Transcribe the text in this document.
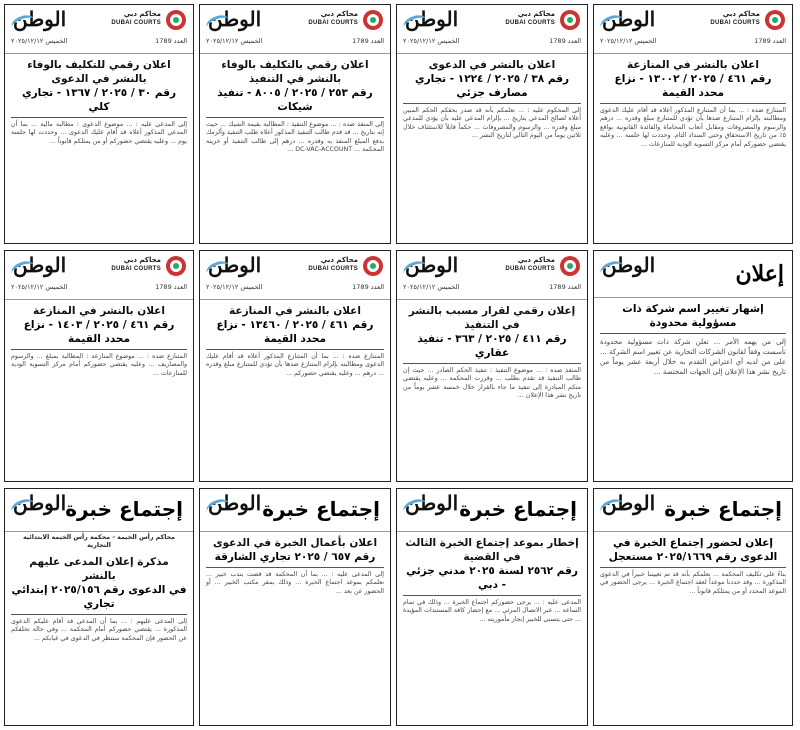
محاكم دبي
DUBAI COURTS
الوطن
الخميس ٢٠٢٥/١٢/١٢	العدد 1789
اعلان بالنشر في المنازعة
رقم ٤٦١ / ٢٠٢٥ / ١٣٠٠٢ - نزاع محدد القيمة
المتنازع ضده : ... بما أن المتنازع المذكور أعلاه قد أقام عليك الدعوى ومطالبته بإلزام المتنازع ضدها بأن تؤدي للمتنازع مبلغ وقدره ... درهم والرسوم والمصروفات ومقابل أتعاب المحاماة والفائدة القانونية بواقع ٥٪ من تاريخ الاستحقاق وحتى السداد التام. وحددت لها جلسة ... وعليه يقتضي حضوركم أمام مركز التسوية الودية للمنازعات ...
محاكم دبي
DUBAI COURTS
الوطن
الخميس ٢٠٢٥/١٢/١٢	العدد 1789
اعلان بالنشر في الدعوى
رقم ٣٨ / ٢٠٢٥ / ١٢٢٤ - تجاري مصارف جزئي
إلى المحكوم عليه : ... نعلمكم بأنه قد صدر بحقكم الحكم المبين أعلاه لصالح المدعي بتاريخ ... بإلزام المدعى عليه بأن يؤدي للمدعي مبلغ وقدره ... والرسوم والمصروفات ... حكماً قابلاً للاستئناف خلال ثلاثين يوماً من اليوم التالي لتاريخ النشر ...
محاكم دبي
DUBAI COURTS
الوطن
الخميس ٢٠٢٥/١٢/١٢	العدد 1789
اعلان رقمي بالتكليف بالوفاء بالنشر في التنفيذ
رقم ٢٥٣ / ٢٠٢٥ / ٨٠٠٥ - تنفيذ شيكات
إلى المنفذ ضده : ... موضوع التنفيذ : المطالبة بقيمة الشيك ... حيث إنه بتاريخ ... قد قدم طالب التنفيذ المذكور أعلاه طلب التنفيذ وألزمك بدفع المبلغ المنفذ به وقدره ... درهم إلى طالب التنفيذ أو خزينة المحكمة ... DC-VAC-ACCOUNT ...
محاكم دبي
DUBAI COURTS
الوطن
الخميس ٢٠٢٥/١٢/١٢	العدد 1789
اعلان رقمي للتكليف بالوفاء بالنشر في الدعوى
رقم ٣٠ / ٢٠٢٥ / ١٣٦٧ - تجاري كلي
إلى المدعى عليه : ... موضوع الدعوى : مطالبة مالية ... بما أن المدعي المذكور أعلاه قد أقام عليك الدعوى ... وحددت لها جلسة يوم ... وعليه يقتضي حضوركم أو من يمثلكم قانوناً ...
إعلان
الوطن
إشهار تغيير اسم شركة ذات مسؤولية محدودة
إلى من يهمه الأمر ... تعلن شركة ذات مسؤولية محدودة تأسست وفقاً لقانون الشركات التجارية عن تغيير اسم الشركة ... على من لديه أي اعتراض التقدم به خلال أربعة عشر يوماً من تاريخ نشر هذا الإعلان إلى الجهات المختصة ...
محاكم دبي
DUBAI COURTS
الوطن
الخميس ٢٠٢٥/١٢/١٢	العدد 1789
إعلان رقمي لقرار مسبب بالنشر في التنفيذ
رقم ٤١١ / ٢٠٢٥ / ٣٦٣ - تنفيذ عقاري
المنفذ ضده : ... موضوع التنفيذ : تنفيذ الحكم الصادر ... حيث إن طالب التنفيذ قد تقدم بطلب ... وقررت المحكمة ... وعليه يقتضي منكم المبادرة إلى تنفيذ ما جاء بالقرار خلال خمسة عشر يوماً من تاريخ نشر هذا الإعلان ...
محاكم دبي
DUBAI COURTS
الوطن
الخميس ٢٠٢٥/١٢/١٢	العدد 1789
اعلان بالنشر في المنازعة
رقم ٤٦١ / ٢٠٢٥ / ١٣٤٦٠ - نزاع محدد القيمة
المتنازع ضده : ... بما أن المتنازع المذكور أعلاه قد أقام عليك الدعوى ومطالبته بإلزام المتنازع ضدها بأن تؤدي للمتنازع مبلغ وقدره ... درهم ... وعليه يقتضي حضوركم ...
محاكم دبي
DUBAI COURTS
الوطن
الخميس ٢٠٢٥/١٢/١٢	العدد 1789
اعلان بالنشر في المنازعة
رقم ٤٦١ / ٢٠٢٥ / ١٤٠٣ - نزاع محدد القيمة
المتنازع ضده : ... موضوع المنازعة : المطالبة بمبلغ ... والرسوم والمصاريف ... وعليه يقتضي حضوركم أمام مركز التسوية الودية للمنازعات ...
إجتماع خبرة
الوطن
إعلان لحضور إجتماع الخبرة في الدعوى رقم ٢٠٢٥/١٦٦٩ مستعجل
بناءً على تكليف المحكمة ... نعلمكم بأنه قد تم تعييننا خبيراً في الدعوى المذكورة ... وقد حددنا موعداً لعقد اجتماع الخبرة ... يرجى الحضور في الموعد المحدد أو من يمثلكم قانوناً ...
إجتماع خبرة
الوطن
إخطار بموعد إجتماع الخبرة الثالث في القضية
رقم ٢٥٦٢ لسنة ٢٠٢٥ مدني جزئي - دبي
المدعى عليه : ... يرجى حضوركم اجتماع الخبرة ... وذلك في تمام الساعة ... عبر الاتصال المرئي ... مع إحضار كافة المستندات المؤيدة ... حتى يتسنى للخبير إنجاز مأموريته ...
إجتماع خبرة
الوطن
اعلان بأعمال الخبرة في الدعوى
رقم ٦٥٧ / ٢٠٢٥ تجاري الشارقة
إلى المدعى عليه : ... بما أن المحكمة قد قضت بندب خبير ... نعلمكم بموعد اجتماع الخبرة ... وذلك بمقر مكتب الخبير ... أو الحضور عن بعد ...
إجتماع خبرة
الوطن
محاكم رأس الخيمة - محكمة رأس الخيمة الابتدائية التجارية
مذكرة إعلان المدعى عليهم بالنشر
في الدعوى رقم ٢٠٢٥/١٥٦ إبتدائي تجاري
إلى المدعى عليهم : ... بما أن المدعي قد أقام عليكم الدعوى المذكورة ... يقتضي حضوركم أمام المحكمة ... وفي حالة تخلفكم عن الحضور فإن المحكمة ستنظر في الدعوى في غيابكم ...
